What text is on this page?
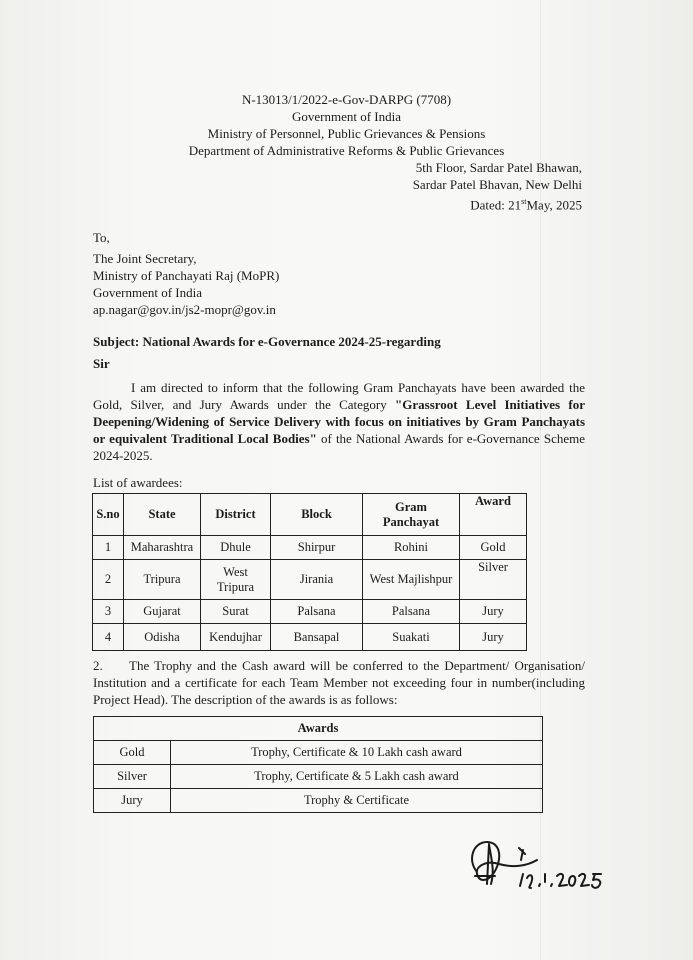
N-13013/1/2022-e-Gov-DARPG (7708)
Government of India
Ministry of Personnel, Public Grievances & Pensions
Department of Administrative Reforms & Public Grievances
5th Floor, Sardar Patel Bhawan,
Sardar Patel Bhavan, New Delhi
Dated: 21stMay, 2025
To,
The Joint Secretary,
Ministry of Panchayati Raj (MoPR)
Government of India
ap.nagar@gov.in/js2-mopr@gov.in
Subject: National Awards for e-Governance 2024-25-regarding
Sir
I am directed to inform that the following Gram Panchayats have been awarded the Gold, Silver, and Jury Awards under the Category "Grassroot Level Initiatives for Deepening/Widening of Service Delivery with focus on initiatives by Gram Panchayats or equivalent Traditional Local Bodies" of the National Awards for e-Governance Scheme 2024-2025.
List of awardees:
S.no	State	District	Block	Gram Panchayat	Award
1	Maharashtra	Dhule	Shirpur	Rohini	Gold
2	Tripura	West Tripura	Jirania	West Majlishpur	Silver
3	Gujarat	Surat	Palsana	Palsana	Jury
4	Odisha	Kendujhar	Bansapal	Suakati	Jury
2. The Trophy and the Cash award will be conferred to the Department/ Organisation/ Institution and a certificate for each Team Member not exceeding four in number(including Project Head). The description of the awards is as follows:
Awards	
Gold	Trophy, Certificate & 10 Lakh cash award
Silver	Trophy, Certificate & 5 Lakh cash award
Jury	Trophy & Certificate
